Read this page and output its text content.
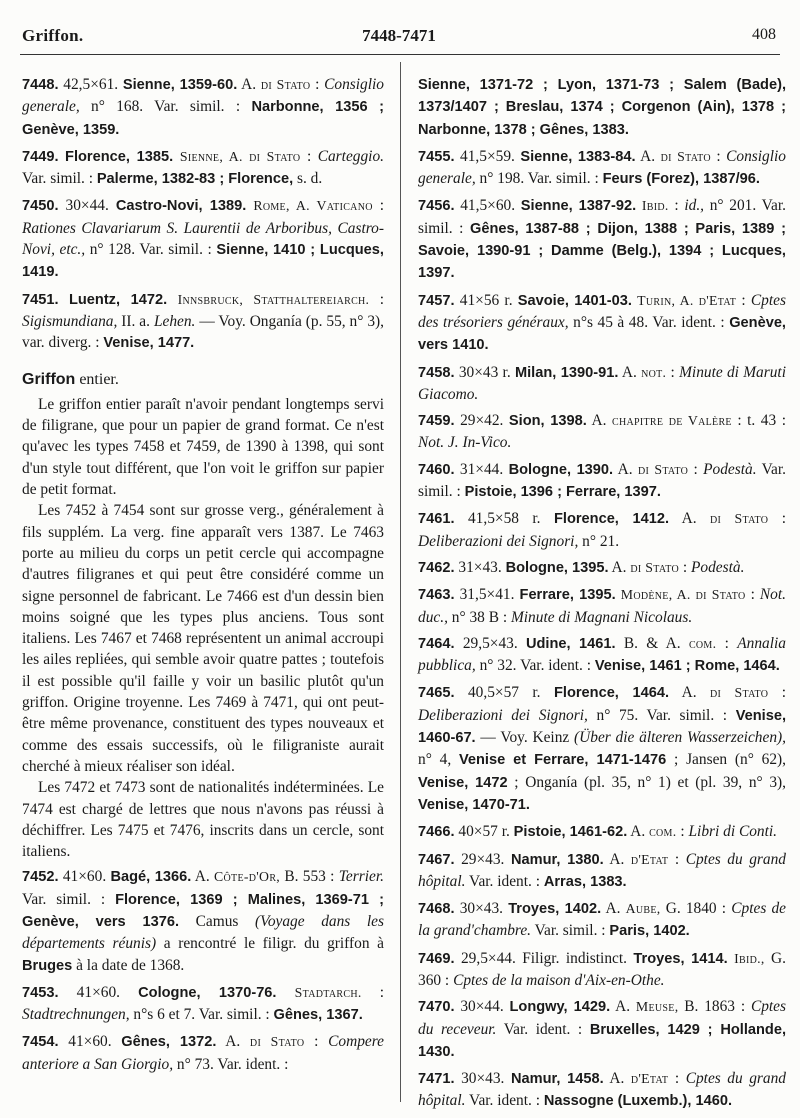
Griffon.	7448-7471	408

7448. 42,5×61. Sienne, 1359-60. A. di Stato : Consiglio generale, n° 168. Var. simil. : Narbonne, 1356 ; Genève, 1359.

7449. Florence, 1385. Sienne, A. di Stato : Carteggio. Var. simil. : Palerme, 1382-83 ; Florence, s. d.

7450. 30×44. Castro-Novi, 1389. Rome, A. Vaticano : Rationes Clavariarum S. Laurentii de Arboribus, Castro-Novi, etc., n° 128. Var. simil. : Sienne, 1410 ; Lucques, 1419.

7451. Luentz, 1472. Innsbruck, Statthaltereiarch. : Sigismundiana, II. a. Lehen. — Voy. Onganía (p. 55, n° 3), var. diverg. : Venise, 1477.

Griffon entier.

Le griffon entier paraît n'avoir pendant longtemps servi de filigrane, que pour un papier de grand format. Ce n'est qu'avec les types 7458 et 7459, de 1390 à 1398, qui sont d'un style tout différent, que l'on voit le griffon sur papier de petit format.

Les 7452 à 7454 sont sur grosse verg., généralement à fils supplém. La verg. fine apparaît vers 1387. Le 7463 porte au milieu du corps un petit cercle qui accompagne d'autres filigranes et qui peut être considéré comme un signe personnel de fabricant. Le 7466 est d'un dessin bien moins soigné que les types plus anciens. Tous sont italiens. Les 7467 et 7468 représentent un animal accroupi les ailes repliées, qui semble avoir quatre pattes ; toutefois il est possible qu'il faille y voir un basilic plutôt qu'un griffon. Origine troyenne. Les 7469 à 7471, qui ont peut-être même provenance, constituent des types nouveaux et comme des essais successifs, où le filigraniste aurait cherché à mieux réaliser son idéal.

Les 7472 et 7473 sont de nationalités indéterminées. Le 7474 est chargé de lettres que nous n'avons pas réussi à déchiffrer. Les 7475 et 7476, inscrits dans un cercle, sont italiens.

7452. 41×60. Bagé, 1366. A. Côte-d'Or, B. 553 : Terrier. Var. simil. : Florence, 1369 ; Malines, 1369-71 ; Genève, vers 1376. Camus (Voyage dans les départements réunis) a rencontré le filigr. du griffon à Bruges à la date de 1368.

7453. 41×60. Cologne, 1370-76. Stadtarch. : Stadtrechnungen, n°s 6 et 7. Var. simil. : Gênes, 1367.

7454. 41×60. Gênes, 1372. A. di Stato : Compere anteriore a San Giorgio, n° 73. Var. ident. :

Sienne, 1371-72 ; Lyon, 1371-73 ; Salem (Bade), 1373/1407 ; Breslau, 1374 ; Corgenon (Ain), 1378 ; Narbonne, 1378 ; Gênes, 1383.

7455. 41,5×59. Sienne, 1383-84. A. di Stato : Consiglio generale, n° 198. Var. simil. : Feurs (Forez), 1387/96.

7456. 41,5×60. Sienne, 1387-92. Ibid. : id., n° 201. Var. simil. : Gênes, 1387-88 ; Dijon, 1388 ; Paris, 1389 ; Savoie, 1390-91 ; Damme (Belg.), 1394 ; Lucques, 1397.

7457. 41×56 r. Savoie, 1401-03. Turin, A. d'Etat : Cptes des trésoriers généraux, n°s 45 à 48. Var. ident. : Genève, vers 1410.

7458. 30×43 r. Milan, 1390-91. A. not. : Minute di Maruti Giacomo.

7459. 29×42. Sion, 1398. A. chapitre de Valère : t. 43 : Not. J. In-Vico.

7460. 31×44. Bologne, 1390. A. di Stato : Podestà. Var. simil. : Pistoie, 1396 ; Ferrare, 1397.

7461. 41,5×58 r. Florence, 1412. A. di Stato : Deliberazioni dei Signori, n° 21.

7462. 31×43. Bologne, 1395. A. di Stato : Podestà.

7463. 31,5×41. Ferrare, 1395. Modène, A. di Stato : Not. duc., n° 38 B : Minute di Magnani Nicolaus.

7464. 29,5×43. Udine, 1461. B. & A. com. : Annalia pubblica, n° 32. Var. ident. : Venise, 1461 ; Rome, 1464.

7465. 40,5×57 r. Florence, 1464. A. di Stato : Deliberazioni dei Signori, n° 75. Var. simil. : Venise, 1460-67. — Voy. Keinz (Über die älteren Wasserzeichen), n° 4, Venise et Ferrare, 1471-1476 ; Jansen (n° 62), Venise, 1472 ; Onganía (pl. 35, n° 1) et (pl. 39, n° 3), Venise, 1470-71.

7466. 40×57 r. Pistoie, 1461-62. A. com. : Libri di Conti.

7467. 29×43. Namur, 1380. A. d'Etat : Cptes du grand hôpital. Var. ident. : Arras, 1383.

7468. 30×43. Troyes, 1402. A. Aube, G. 1840 : Cptes de la grand'chambre. Var. simil. : Paris, 1402.

7469. 29,5×44. Filigr. indistinct. Troyes, 1414. Ibid., G. 360 : Cptes de la maison d'Aix-en-Othe.

7470. 30×44. Longwy, 1429. A. Meuse, B. 1863 : Cptes du receveur. Var. ident. : Bruxelles, 1429 ; Hollande, 1430.

7471. 30×43. Namur, 1458. A. d'Etat : Cptes du grand hôpital. Var. ident. : Nassogne (Luxemb.), 1460.
